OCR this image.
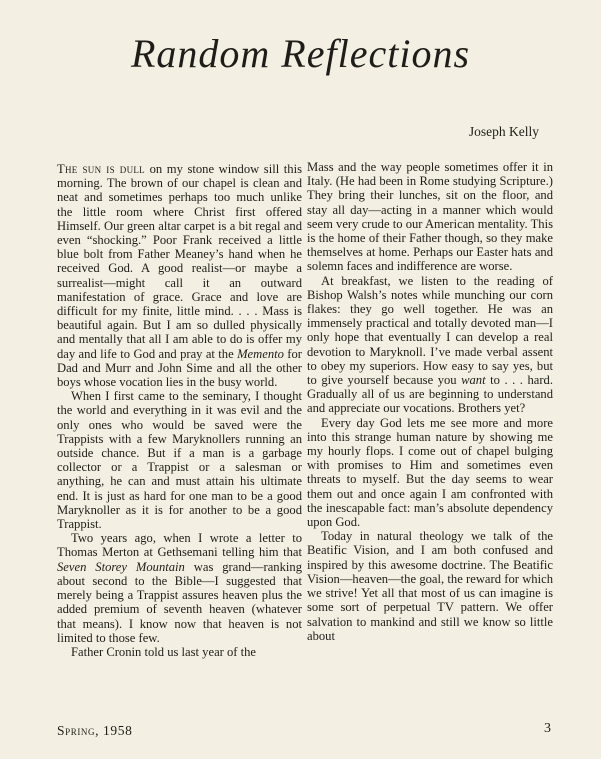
Random Reflections
Joseph Kelly

The sun is dull on my stone window sill this morning. The brown of our chapel is clean and neat and sometimes perhaps too much unlike the little room where Christ first offered Himself. Our green altar carpet is a bit regal and even “shocking.” Poor Frank received a little blue bolt from Father Meaney’s hand when he received God. A good realist—or maybe a surrealist—might call it an outward manifestation of grace. Grace and love are difficult for my finite, little mind. . . . Mass is beautiful again. But I am so dulled physically and mentally that all I am able to do is offer my day and life to God and pray at the Memento for Dad and Murr and John Sime and all the other boys whose vocation lies in the busy world.

When I first came to the seminary, I thought the world and everything in it was evil and the only ones who would be saved were the Trappists with a few Maryknollers running an outside chance. But if a man is a garbage collector or a Trappist or a salesman or anything, he can and must attain his ultimate end. It is just as hard for one man to be a good Maryknoller as it is for another to be a good Trappist.

Two years ago, when I wrote a letter to Thomas Merton at Gethsemani telling him that Seven Storey Mountain was grand—ranking about second to the Bible—I suggested that merely being a Trappist assures heaven plus the added premium of seventh heaven (whatever that means). I know now that heaven is not limited to those few.

Father Cronin told us last year of the

Mass and the way people sometimes offer it in Italy. (He had been in Rome studying Scripture.) They bring their lunches, sit on the floor, and stay all day—acting in a manner which would seem very crude to our American mentality. This is the home of their Father though, so they make themselves at home. Perhaps our Easter hats and solemn faces and indifference are worse.

At breakfast, we listen to the reading of Bishop Walsh’s notes while munching our corn flakes: they go well together. He was an immensely practical and totally devoted man—I only hope that eventually I can develop a real devotion to Maryknoll. I’ve made verbal assent to obey my superiors. How easy to say yes, but to give yourself because you want to . . . hard. Gradually all of us are beginning to understand and appreciate our vocations. Brothers yet?

Every day God lets me see more and more into this strange human nature by showing me my hourly flops. I come out of chapel bulging with promises to Him and sometimes even threats to myself. But the day seems to wear them out and once again I am confronted with the inescapable fact: man’s absolute dependency upon God.

Today in natural theology we talk of the Beatific Vision, and I am both confused and inspired by this awesome doctrine. The Beatific Vision—heaven—the goal, the reward for which we strive! Yet all that most of us can imagine is some sort of perpetual TV pattern. We offer salvation to mankind and still we know so little about

Spring, 1958	3
